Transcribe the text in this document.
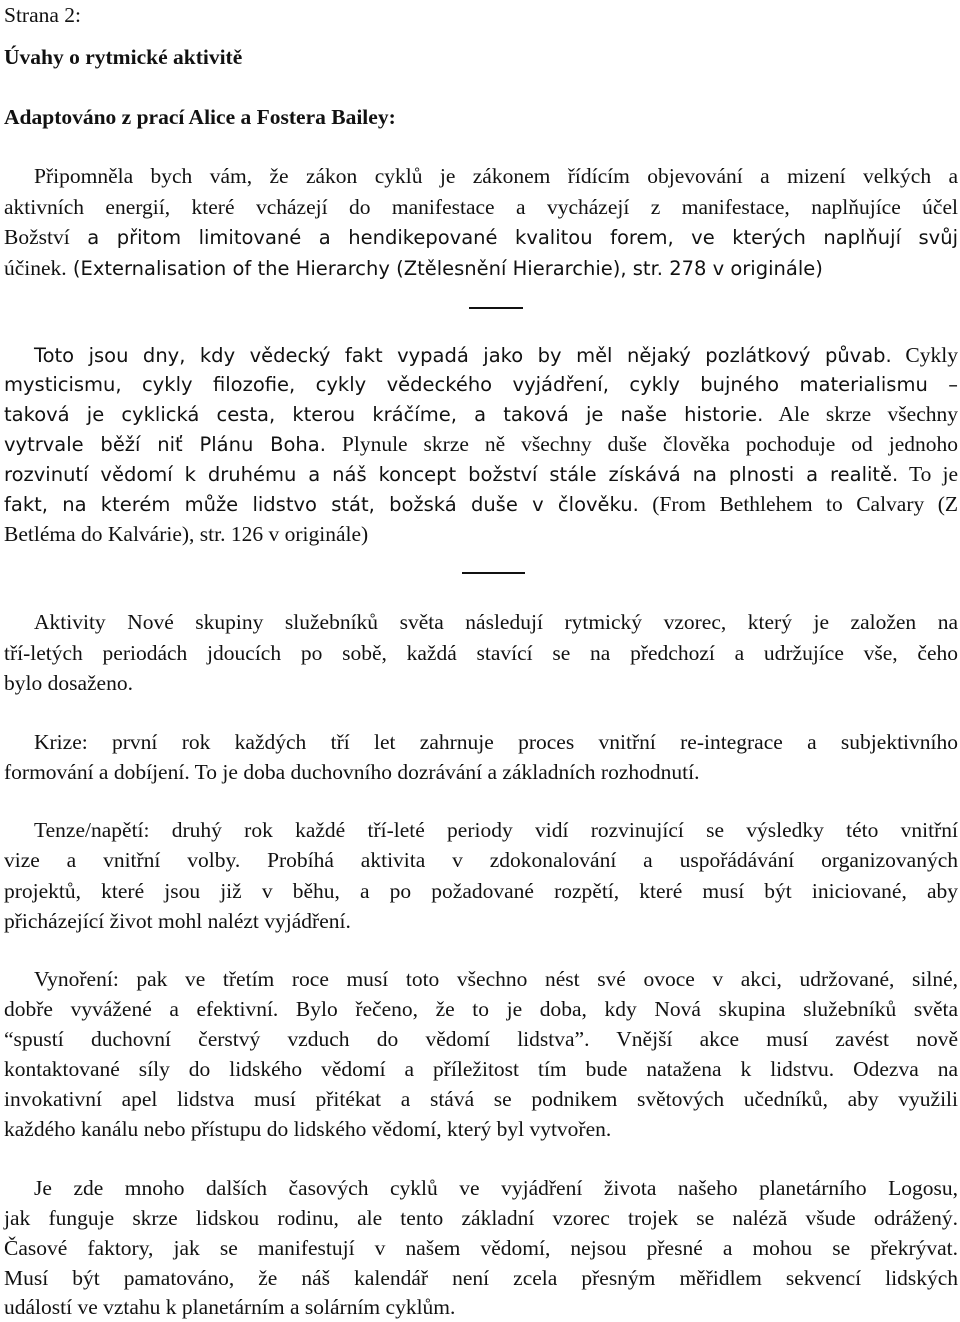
Strana 2:
Úvahy o rytmické aktivitě
Adaptováno z prací Alice a Fostera Bailey:
Připomněla bych vám, že zákon cyklů je zákonem řídícím objevování a mizení velkých a
aktivních energií, které vcházejí do manifestace a vycházejí z manifestace, naplňujíce účel
Božství a přitom limitované a hendikepované kvalitou forem, ve kterých naplňují svůj
účinek. (Externalisation of the Hierarchy (Ztělesnění Hierarchie), str. 278 v originále)
Toto jsou dny, kdy vědecký fakt vypadá jako by měl nějaký pozlátkový půvab. Cykly
mysticismu, cykly filozofie, cykly vědeckého vyjádření, cykly bujného materialismu –
taková je cyklická cesta, kterou kráčíme, a taková je naše historie. Ale skrze všechny
vytrvale běží niť Plánu Boha. Plynule skrze ně všechny duše člověka pochoduje od jednoho
rozvinutí vědomí k druhému a náš koncept božství stále získává na plnosti a realitě. To je
fakt, na kterém může lidstvo stát, božská duše v člověku. (From Bethlehem to Calvary (Z
Betléma do Kalvárie), str. 126 v originále)
Aktivity Nové skupiny služebníků světa následují rytmický vzorec, který je založen na
tří-letých periodách jdoucích po sobě, každá stavící se na předchozí a udržujíce vše, čeho
bylo dosaženo.
Krize: první rok každých tří let zahrnuje proces vnitřní re-integrace a subjektivního
formování a dobíjení. To je doba duchovního dozrávání a základních rozhodnutí.
Tenze/napětí: druhý rok každé tří-leté periody vidí rozvinující se výsledky této vnitřní
vize a vnitřní volby. Probíhá aktivita v zdokonalování a uspořádávání organizovaných
projektů, které jsou již v běhu, a po požadované rozpětí, které musí být iniciované, aby
přicházející život mohl nalézt vyjádření.
Vynoření: pak ve třetím roce musí toto všechno nést své ovoce v akci, udržované, silné,
dobře vyvážené a efektivní. Bylo řečeno, že to je doba, kdy Nová skupina služebníků světa
“spustí duchovní čerstvý vzduch do vědomí lidstva”. Vnější akce musí zavést nově
kontaktované síly do lidského vědomí a příležitost tím bude natažena k lidstvu. Odezva na
invokativní apel lidstva musí přitékat a stává se podnikem světových učedníků, aby využili
každého kanálu nebo přístupu do lidského vědomí, který byl vytvořen.
Je zde mnoho dalších časových cyklů ve vyjádření života našeho planetárního Logosu,
jak funguje skrze lidskou rodinu, ale tento základní vzorec trojek se naléză všude odrážený.
Časové faktory, jak se manifestují v našem vědomí, nejsou přesné a mohou se překrývat.
Musí být pamatováno, že náš kalendář není zcela přesným měřidlem sekvencí lidských
událostí ve vztahu k planetárním a solárním cyklům.
